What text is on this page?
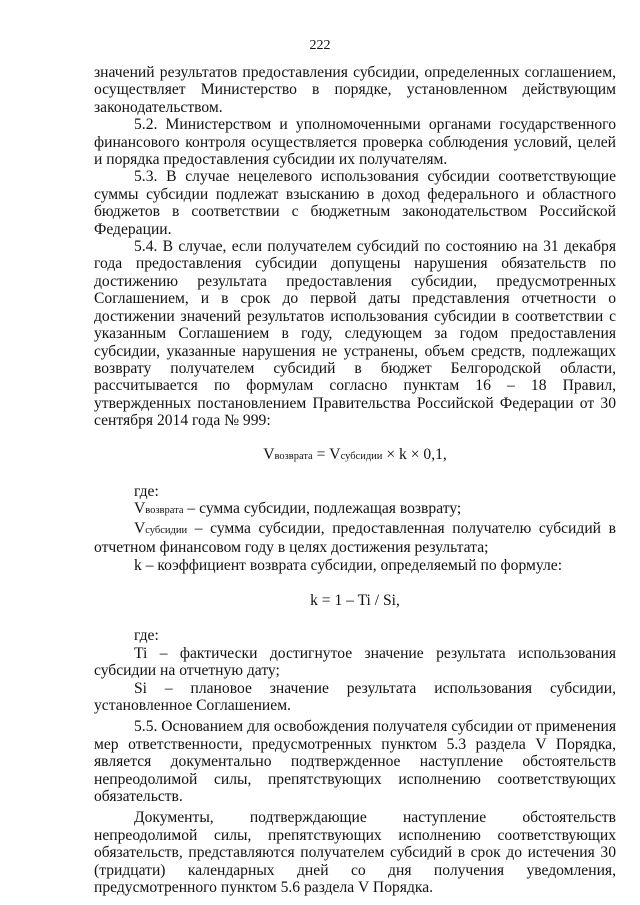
222

значений результатов предоставления субсидии, определенных соглашением, осуществляет Министерство в порядке, установленном действующим законодательством.

5.2. Министерством и уполномоченными органами государственного финансового контроля осуществляется проверка соблюдения условий, целей и порядка предоставления субсидии их получателям.

5.3. В случае нецелевого использования субсидии соответствующие суммы субсидии подлежат взысканию в доход федерального и областного бюджетов в соответствии с бюджетным законодательством Российской Федерации.

5.4. В случае, если получателем субсидий по состоянию на 31 декабря года предоставления субсидии допущены нарушения обязательств по достижению результата предоставления субсидии, предусмотренных Соглашением, и в срок до первой даты представления отчетности о достижении значений результатов использования субсидии в соответствии с указанным Соглашением в году, следующем за годом предоставления субсидии, указанные нарушения не устранены, объем средств, подлежащих возврату получателем субсидий в бюджет Белгородской области, рассчитывается по формулам согласно пунктам 16 – 18 Правил, утвержденных постановлением Правительства Российской Федерации от 30 сентября 2014 года № 999:

Vвозврата = Vсубсидии × k × 0,1,

где:

Vвозврата – сумма субсидии, подлежащая возврату;

Vсубсидии – сумма субсидии, предоставленная получателю субсидий в отчетном финансовом году в целях достижения результата;

k – коэффициент возврата субсидии, определяемый по формуле:

k = 1 – Ti / Si,

где:

Ti – фактически достигнутое значение результата использования субсидии на отчетную дату;

Si – плановое значение результата использования субсидии, установленное Соглашением.

5.5. Основанием для освобождения получателя субсидии от применения мер ответственности, предусмотренных пунктом 5.3 раздела V Порядка, является документально подтвержденное наступление обстоятельств непреодолимой силы, препятствующих исполнению соответствующих обязательств.

Документы, подтверждающие наступление обстоятельств непреодолимой силы, препятствующих исполнению соответствующих обязательств, представляются получателем субсидий в срок до истечения 30 (тридцати) календарных дней со дня получения уведомления, предусмотренного пунктом 5.6 раздела V Порядка.
